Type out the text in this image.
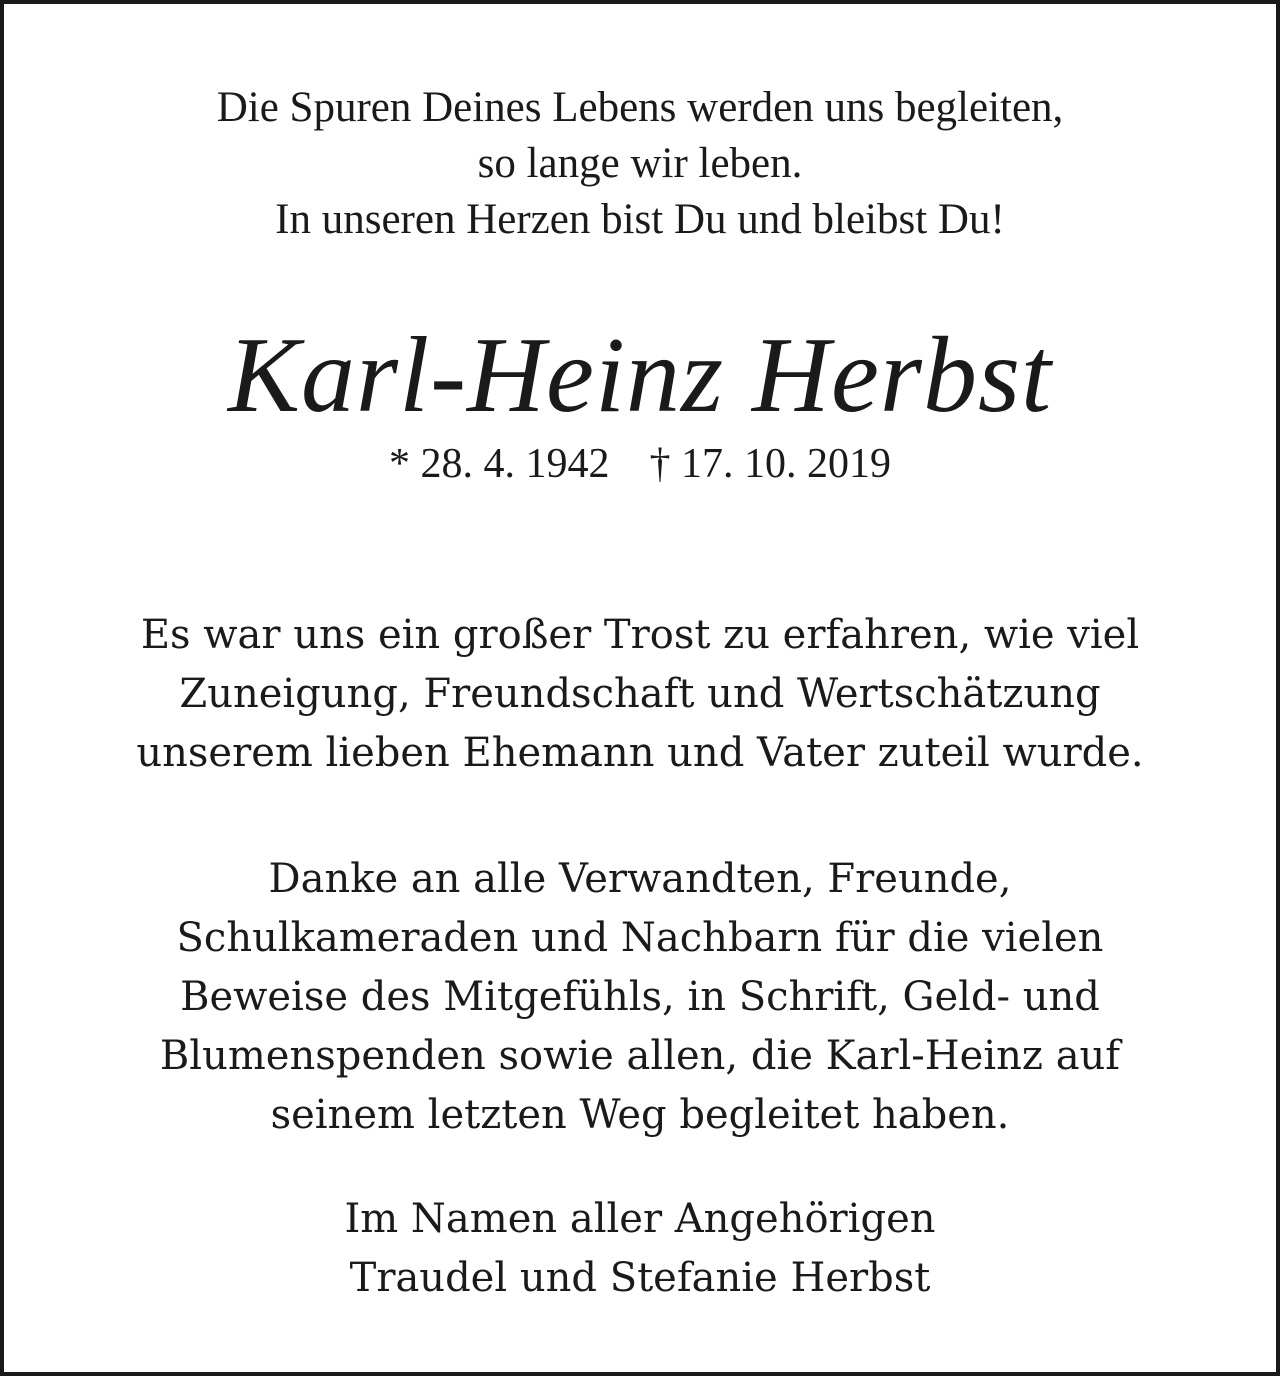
Die Spuren Deines Lebens werden uns begleiten,
so lange wir leben.
In unseren Herzen bist Du und bleibst Du!
Karl-Heinz Herbst
* 28. 4. 1942 † 17. 10. 2019
Es war uns ein großer Trost zu erfahren, wie viel
Zuneigung, Freundschaft und Wertschätzung
unserem lieben Ehemann und Vater zuteil wurde.
Danke an alle Verwandten, Freunde,
Schulkameraden und Nachbarn für die vielen
Beweise des Mitgefühls, in Schrift, Geld- und
Blumenspenden sowie allen, die Karl-Heinz auf
seinem letzten Weg begleitet haben.
Im Namen aller Angehörigen
Traudel und Stefanie Herbst
